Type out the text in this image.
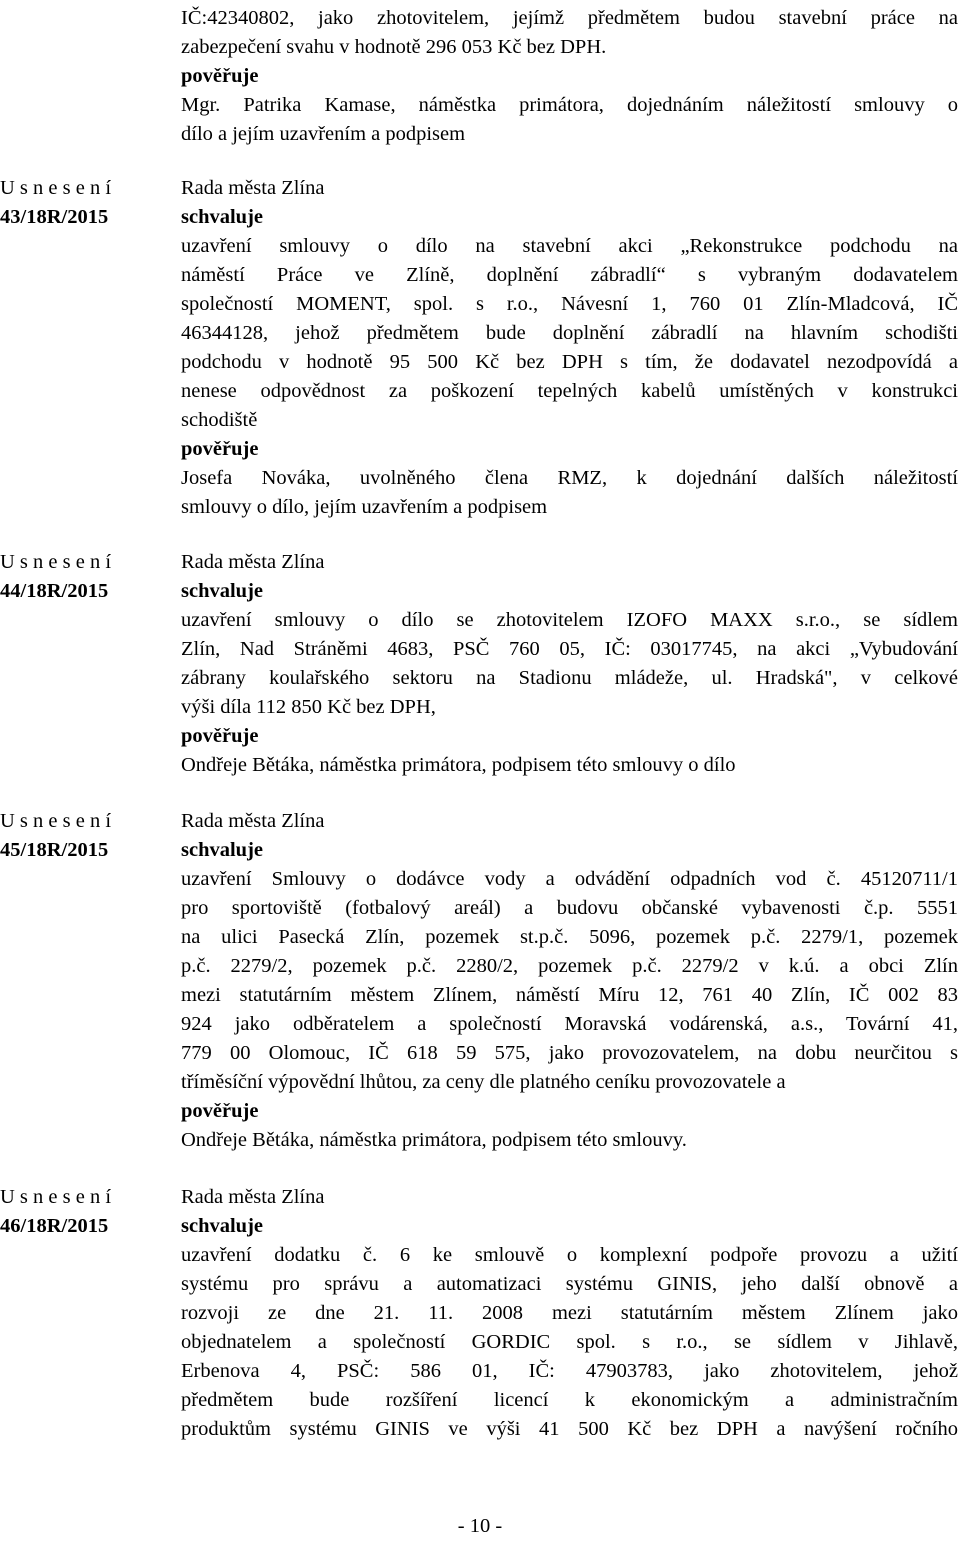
IČ:42340802, jako zhotovitelem, jejímž předmětem budou stavební práce na
zabezpečení svahu v hodnotě 296 053 Kč bez DPH.
pověřuje
Mgr. Patrika Kamase, náměstka primátora, dojednáním náležitostí smlouvy o
dílo a jejím uzavřením a podpisem
U s n e s e n í
43/18R/2015
Rada města Zlína
schvaluje
uzavření smlouvy o dílo na stavební akci „Rekonstrukce podchodu na
náměstí Práce ve Zlíně, doplnění zábradlí“ s vybraným dodavatelem
společností MOMENT, spol. s r.o., Návesní 1, 760 01 Zlín-Mladcová, IČ
46344128, jehož předmětem bude doplnění zábradlí na hlavním schodišti
podchodu v hodnotě 95 500 Kč bez DPH s tím, že dodavatel nezodpovídá a
nenese odpovědnost za poškození tepelných kabelů umístěných v konstrukci
schodiště
pověřuje
Josefa Nováka, uvolněného člena RMZ, k dojednání dalších náležitostí
smlouvy o dílo, jejím uzavřením a podpisem
U s n e s e n í
44/18R/2015
Rada města Zlína
schvaluje
uzavření smlouvy o dílo se zhotovitelem IZOFO MAXX s.r.o., se sídlem
Zlín, Nad Stráněmi 4683, PSČ 760 05, IČ: 03017745, na akci „Vybudování
zábrany koulařského sektoru na Stadionu mládeže, ul. Hradská", v celkové
výši díla 112 850 Kč bez DPH,
pověřuje
Ondřeje Bětáka, náměstka primátora, podpisem této smlouvy o dílo
U s n e s e n í
45/18R/2015
Rada města Zlína
schvaluje
uzavření Smlouvy o dodávce vody a odvádění odpadních vod č. 45120711/1
pro sportoviště (fotbalový areál) a budovu občanské vybavenosti č.p. 5551
na ulici Pasecká Zlín, pozemek st.p.č. 5096, pozemek p.č. 2279/1, pozemek
p.č. 2279/2, pozemek p.č. 2280/2, pozemek p.č. 2279/2 v k.ú. a obci Zlín
mezi statutárním městem Zlínem, náměstí Míru 12, 761 40 Zlín, IČ 002 83
924 jako odběratelem a společností Moravská vodárenská, a.s., Tovární 41,
779 00 Olomouc, IČ 618 59 575, jako provozovatelem, na dobu neurčitou s
tříměsíční výpovědní lhůtou, za ceny dle platného ceníku provozovatele a
pověřuje
Ondřeje Bětáka, náměstka primátora, podpisem této smlouvy.
U s n e s e n í
46/18R/2015
Rada města Zlína
schvaluje
uzavření dodatku č. 6 ke smlouvě o komplexní podpoře provozu a užití
systému pro správu a automatizaci systému GINIS, jeho další obnově a
rozvoji ze dne 21. 11. 2008 mezi statutárním městem Zlínem jako
objednatelem a společností GORDIC spol. s r.o., se sídlem v Jihlavě,
Erbenova 4, PSČ: 586 01, IČ: 47903783, jako zhotovitelem, jehož
předmětem bude rozšíření licencí k ekonomickým a administračním
produktům systému GINIS ve výši 41 500 Kč bez DPH a navýšení ročního
- 10 -
